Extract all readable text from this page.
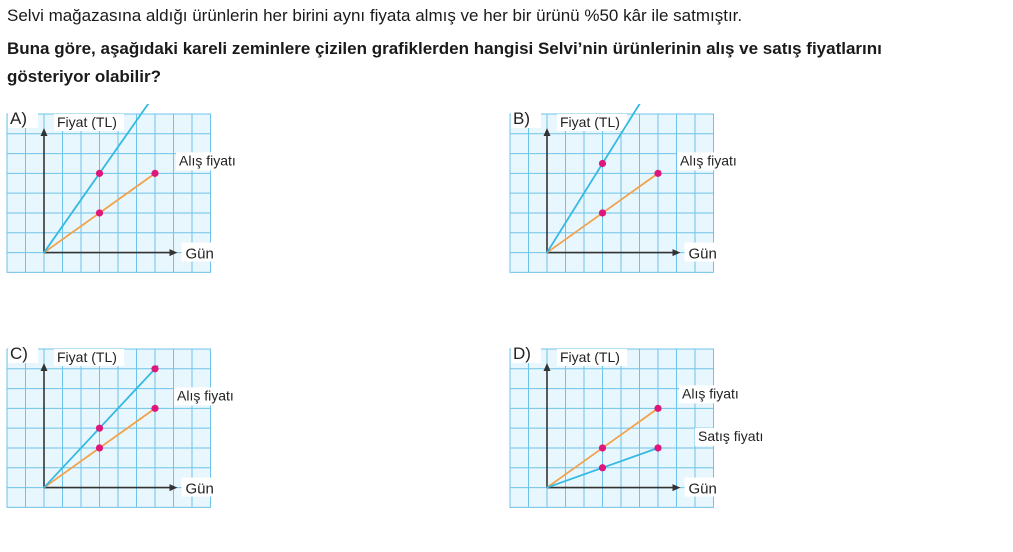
Selvi mağazasına aldığı ürünlerin her birini aynı fiyata almış ve her bir ürünü %50 kâr ile satmıştır.
Buna göre, aşağıdaki kareli zeminlere çizilen grafiklerden hangisi Selvi’nin ürünlerinin alış ve satış fiyatlarını
gösteriyor olabilir?
A) Fiyat (TL)
Gün
Alış fiyatı
B) Fiyat (TL)
Gün
Alış fiyatı
C) Fiyat (TL)
Gün
Alış fiyatı
D) Fiyat (TL)
Gün
Alış fiyatı
Satış fiyatı
